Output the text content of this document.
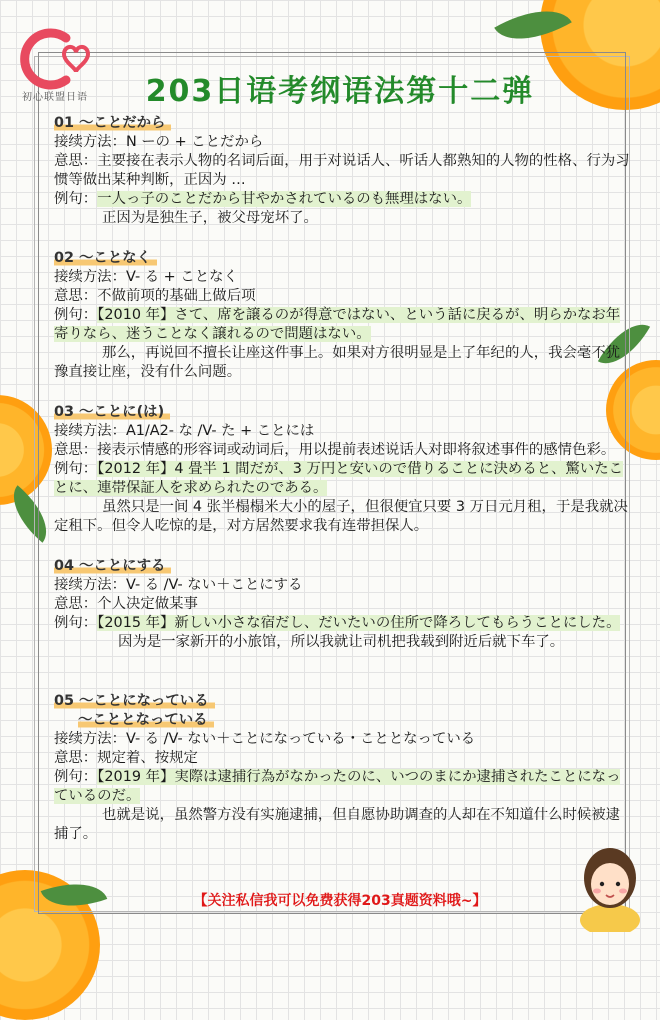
初心联盟日语	203日语考纲语法第十二弹
01 ～ことだから
接续方法：N ーの + ことだから
意思：主要接在表示人物的名词后面，用于对说话人、听话人都熟知的人物的性格、行为习惯等做出某种判断，正因为 …
例句：一人っ子のことだから甘やかされているのも無理はない。
正因为是独生子，被父母宠坏了。
02 ～ことなく
接续方法：V- る + ことなく
意思：不做前项的基础上做后项
例句：【2010 年】さて、席を譲るのが得意ではない、という話に戻るが、明らかなお年寄りなら、迷うことなく譲れるので問題はない。
那么，再说回不擅长让座这件事上。如果对方很明显是上了年纪的人，我会毫不犹豫直接让座，没有什么问题。
03 ～ことに(は)
接续方法：A1/A2- な /V- た + ことには
意思：接表示情感的形容词或动词后，用以提前表述说话人对即将叙述事件的感情色彩。
例句：【2012 年】4 畳半 1 間だが、3 万円と安いので借りることに決めると、驚いたことに、連帯保証人を求められたのである。
虽然只是一间 4 张半榻榻米大小的屋子，但很便宜只要 3 万日元月租，于是我就决定租下。但令人吃惊的是，对方居然要求我有连带担保人。
04 ～ことにする
接续方法：V- る /V- ない＋ことにする
意思：个人决定做某事
例句：【2015 年】新しい小さな宿だし、だいたいの住所で降ろしてもらうことにした。
因为是一家新开的小旅馆，所以我就让司机把我载到附近后就下车了。
05 ～ことになっている
～こととなっている
接续方法：V- る /V- ない＋ことになっている・こととなっている
意思：规定着、按规定
例句：【2019 年】実際は逮捕行為がなかったのに、いつのまにか逮捕されたことになっているのだ。
也就是说，虽然警方没有实施逮捕，但自愿协助调查的人却在不知道什么时候被逮捕了。
【关注私信我可以免费获得203真题资料哦~】
